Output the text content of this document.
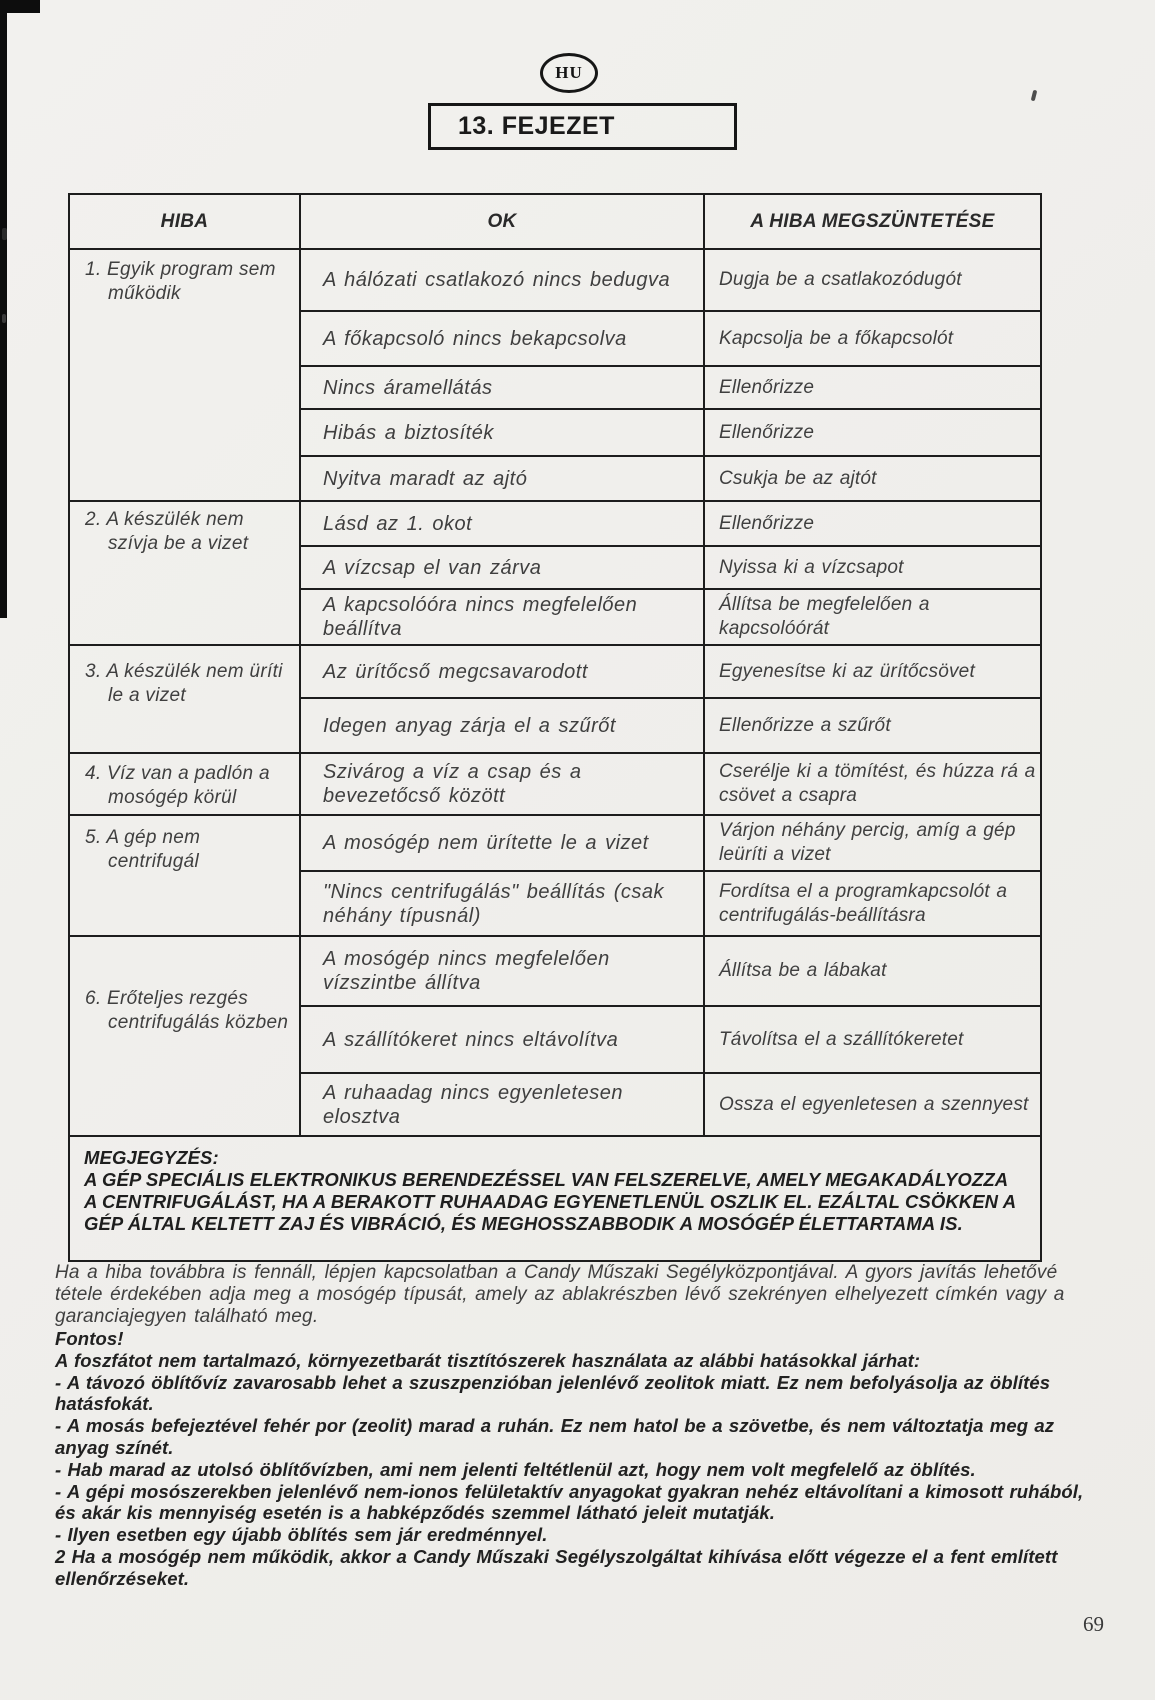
HU
13. FEJEZET
HIBA	OK	A HIBA MEGSZÜNTETÉSE
1. Egyik program sem működik	A hálózati csatlakozó nincs bedugva	Dugja be a csatlakozódugót
	A főkapcsoló nincs bekapcsolva	Kapcsolja be a főkapcsolót
	Nincs áramellátás	Ellenőrizze
	Hibás a biztosíték	Ellenőrizze
	Nyitva maradt az ajtó	Csukja be az ajtót
2. A készülék nem szívja be a vizet	Lásd az 1. okot	Ellenőrizze
	A vízcsap el van zárva	Nyissa ki a vízcsapot
	A kapcsolóóra nincs megfelelően beállítva	Állítsa be megfelelően a kapcsolóórát
3. A készülék nem üríti le a vizet	Az ürítőcső megcsavarodott	Egyenesítse ki az ürítőcsövet
	Idegen anyag zárja el a szűrőt	Ellenőrizze a szűrőt
4. Víz van a padlón a mosógép körül	Szivárog a víz a csap és a bevezetőcső között	Cserélje ki a tömítést, és húzza rá a csövet a csapra
5. A gép nem centrifugál	A mosógép nem ürítette le a vizet	Várjon néhány percig, amíg a gép leüríti a vizet
	"Nincs centrifugálás" beállítás (csak néhány típusnál)	Fordítsa el a programkapcsolót a centrifugálás-beállításra
6. Erőteljes rezgés centrifugálás közben	A mosógép nincs megfelelően vízszintbe állítva	Állítsa be a lábakat
	A szállítókeret nincs eltávolítva	Távolítsa el a szállítókeretet
	A ruhaadag nincs egyenletesen elosztva	Ossza el egyenletesen a szennyest

MEGJEGYZÉS:
A GÉP SPECIÁLIS ELEKTRONIKUS BERENDEZÉSSEL VAN FELSZERELVE, AMELY MEGAKADÁLYOZZA A CENTRIFUGÁLÁST, HA A BERAKOTT RUHAADAG EGYENETLENÜL OSZLIK EL. EZÁLTAL CSÖKKEN A GÉP ÁLTAL KELTETT ZAJ ÉS VIBRÁCIÓ, ÉS MEGHOSSZABBODIK A MOSÓGÉP ÉLETTARTAMA IS.		

Ha a hiba továbbra is fennáll, lépjen kapcsolatban a Candy Műszaki Segélyközpontjával. A gyors javítás lehetővé tétele érdekében adja meg a mosógép típusát, amely az ablakrészben lévő szekrényen elhelyezett címkén vagy a garanciajegyen található meg.

Fontos!

A foszfátot nem tartalmazó, környezetbarát tisztítószerek használata az alábbi hatásokkal járhat:

- A távozó öblítővíz zavarosabb lehet a szuszpenzióban jelenlévő zeolitok miatt. Ez nem befolyásolja az öblítés hatásfokát.

- A mosás befejeztével fehér por (zeolit) marad a ruhán. Ez nem hatol be a szövetbe, és nem változtatja meg az anyag színét.

- Hab marad az utolsó öblítővízben, ami nem jelenti feltétlenül azt, hogy nem volt megfelelő az öblítés.

- A gépi mosószerekben jelenlévő nem-ionos felületaktív anyagokat gyakran nehéz eltávolítani a kimosott ruhából, és akár kis mennyiség esetén is a habképződés szemmel látható jeleit mutatják.

- Ilyen esetben egy újabb öblítés sem jár eredménnyel.

2 Ha a mosógép nem működik, akkor a Candy Műszaki Segélyszolgáltat kihívása előtt végezze el a fent említett ellenőrzéseket.

69
